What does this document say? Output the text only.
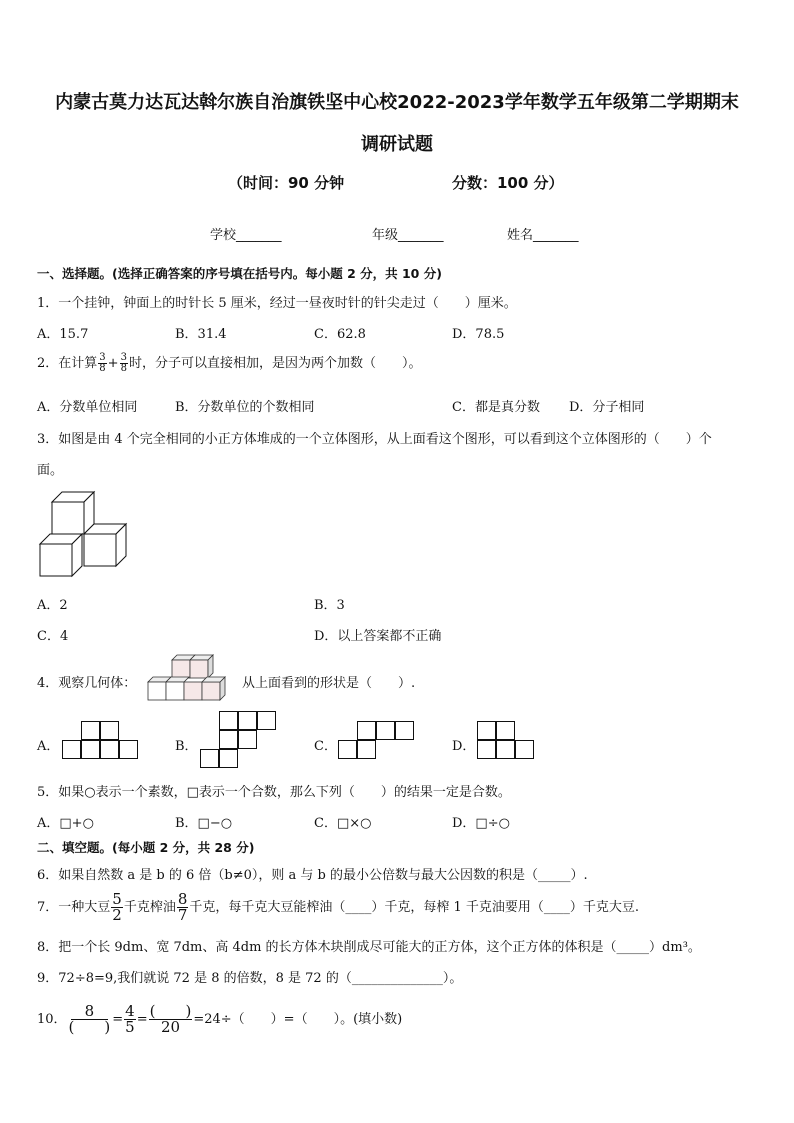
内蒙古莫力达瓦达斡尔族自治旗铁坚中心校2022-2023学年数学五年级第二学期期末
调研试题
（时间：90 分钟	分数：100 分）
学校_______	年级_______	姓名_______
一、选择题。(选择正确答案的序号填在括号内。每小题 2 分，共 10 分)
1．一个挂钟，钟面上的时针长 5 厘米，经过一昼夜时针的针尖走过（　　）厘米。
A．15.7	B．31.4	C．62.8	D．78.5
2．在计算 $\frac{3}{8} + \frac{3}{8}$ 时，分子可以直接相加，是因为两个加数（　　）。
A．分数单位相同	B．分数单位的个数相同	C．都是真分数 D．分子相同
3．如图是由 4 个完全相同的小正方体堆成的一个立体图形，从上面看这个图形，可以看到这个立体图形的（　　）个
面。
A．2	B．3
C．4	D．以上答案都不正确
4．观察几何体：	从上面看到的形状是（　　）.
A．	B．	C．	D．
5．如果○表示一个素数，□表示一个合数，那么下列（　　）的结果一定是合数。
A．□+○	B．□−○	C．□×○	D．□÷○
二、填空题。(每小题 2 分，共 28 分)
6．如果自然数 a 是 b 的 6 倍（b≠0），则 a 与 b 的最小公倍数与最大公因数的积是（_____）.
7．一种大豆 $\frac{5}{2}$ 千克榨油 $\frac{8}{7}$ 千克，每千克大豆能榨油（____）千克，每榨 1 千克油要用（____）千克大豆.
8．把一个长 9dm、宽 7dm、高 4dm 的长方体木块削成尽可能大的正方体，这个正方体的体积是（_____）dm³。
9．72÷8=9,我们就说 72 是 8 的倍数，8 是 72 的（______________）。
10． $\frac{8}{( )} = \frac{4}{5} = \frac{( )}{20} =24\div$（　　）=（　　）。(填小数)
